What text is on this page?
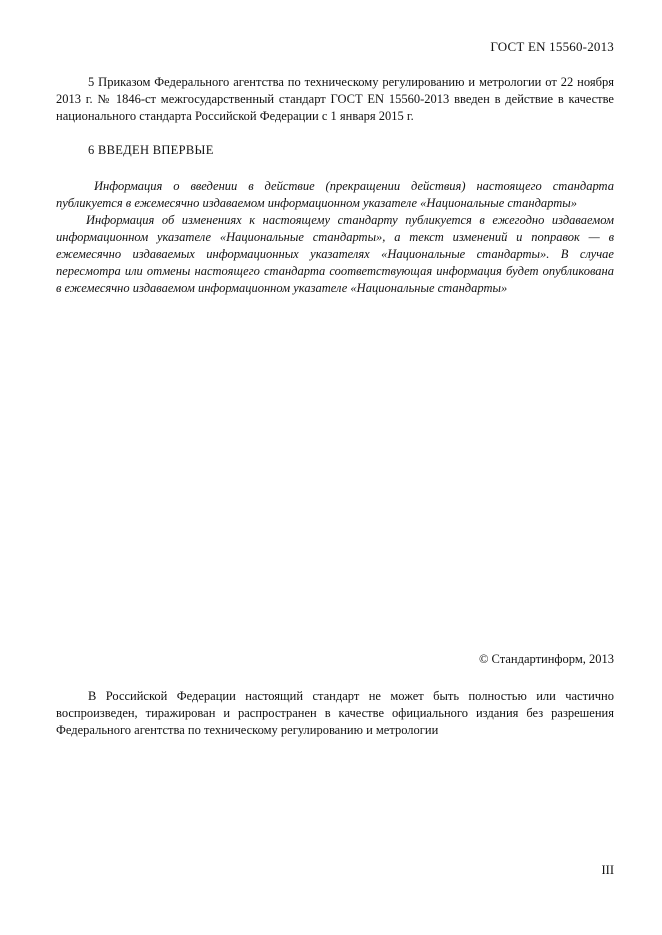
ГОСТ EN 15560-2013
5 Приказом Федерального агентства по техническому регулированию и метрологии от 22 ноября 2013 г. № 1846-ст межгосударственный стандарт ГОСТ EN 15560-2013 введен в действие в качестве национального стандарта Российской Федерации с 1 января 2015 г.
6 ВВЕДЕН ВПЕРВЫЕ

Информация о введении в действие (прекращении действия) настоящего стандарта публикуется в ежемесячно издаваемом информационном указателе «Национальные стандарты»

Информация об изменениях к настоящему стандарту публикуется в ежегодно издаваемом информационном указателе «Национальные стандарты», а текст изменений и поправок — в ежемесячно издаваемых информационных указателях «Национальные стандарты». В случае пересмотра или отмены настоящего стандарта соответствующая информация будет опубликована в ежемесячно издаваемом информационном указателе «Национальные стандарты»

© Стандартинформ, 2013
В Российской Федерации настоящий стандарт не может быть полностью или частично воспроизведен, тиражирован и распространен в качестве официального издания без разрешения Федерального агентства по техническому регулированию и метрологии
III
